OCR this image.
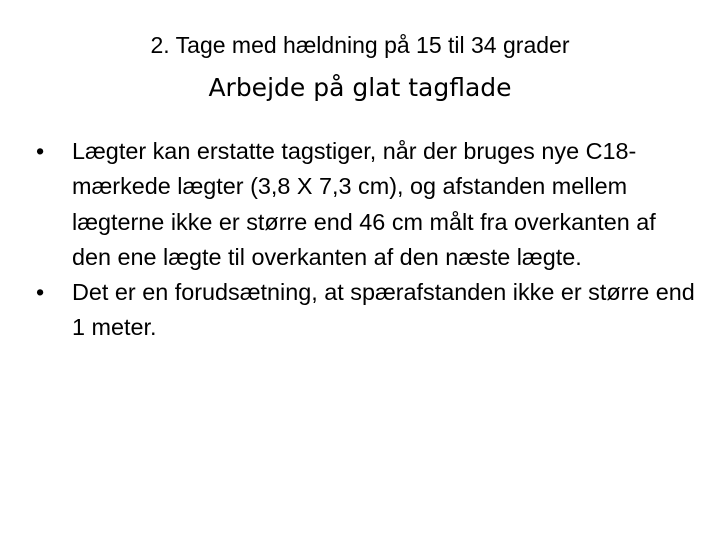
2. Tage med hældning på 15 til 34 grader
Arbejde på glat tagflade
•	Lægter kan erstatte tagstiger, når der bruges nye C18-mærkede lægter (3,8 X 7,3 cm), og afstanden mellem lægterne ikke er større end 46 cm målt fra overkanten af den ene lægte til overkanten af den næste lægte.
•	Det er en forudsætning, at spærafstanden ikke er større end 1 meter.
